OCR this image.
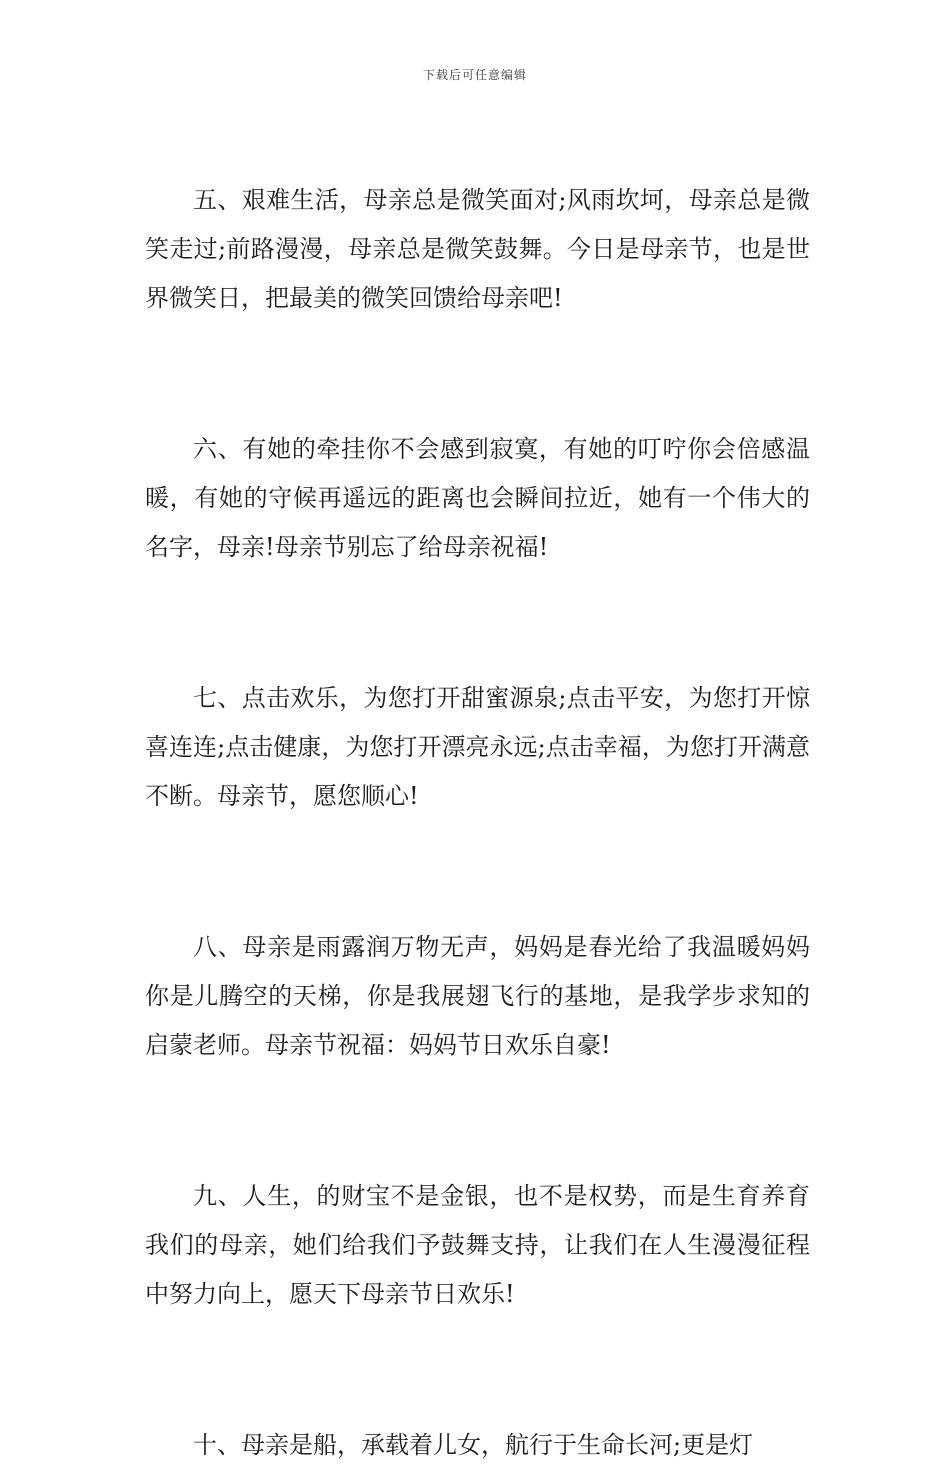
下载后可任意编辑

五、艰难生活，母亲总是微笑面对;风雨坎坷，母亲总是微笑走过;前路漫漫，母亲总是微笑鼓舞。今日是母亲节，也是世界微笑日，把最美的微笑回馈给母亲吧!

六、有她的牵挂你不会感到寂寞，有她的叮咛你会倍感温暖，有她的守候再遥远的距离也会瞬间拉近，她有一个伟大的名字，母亲!母亲节别忘了给母亲祝福!

七、点击欢乐，为您打开甜蜜源泉;点击平安，为您打开惊喜连连;点击健康，为您打开漂亮永远;点击幸福，为您打开满意不断。母亲节，愿您顺心!

八、母亲是雨露润万物无声，妈妈是春光给了我温暖妈妈你是儿腾空的天梯，你是我展翅飞行的基地，是我学步求知的启蒙老师。母亲节祝福：妈妈节日欢乐自豪!

九、人生，的财宝不是金银，也不是权势，而是生育养育我们的母亲，她们给我们予鼓舞支持，让我们在人生漫漫征程中努力向上，愿天下母亲节日欢乐!

十、母亲是船，承载着儿女，航行于生命长河;更是灯
